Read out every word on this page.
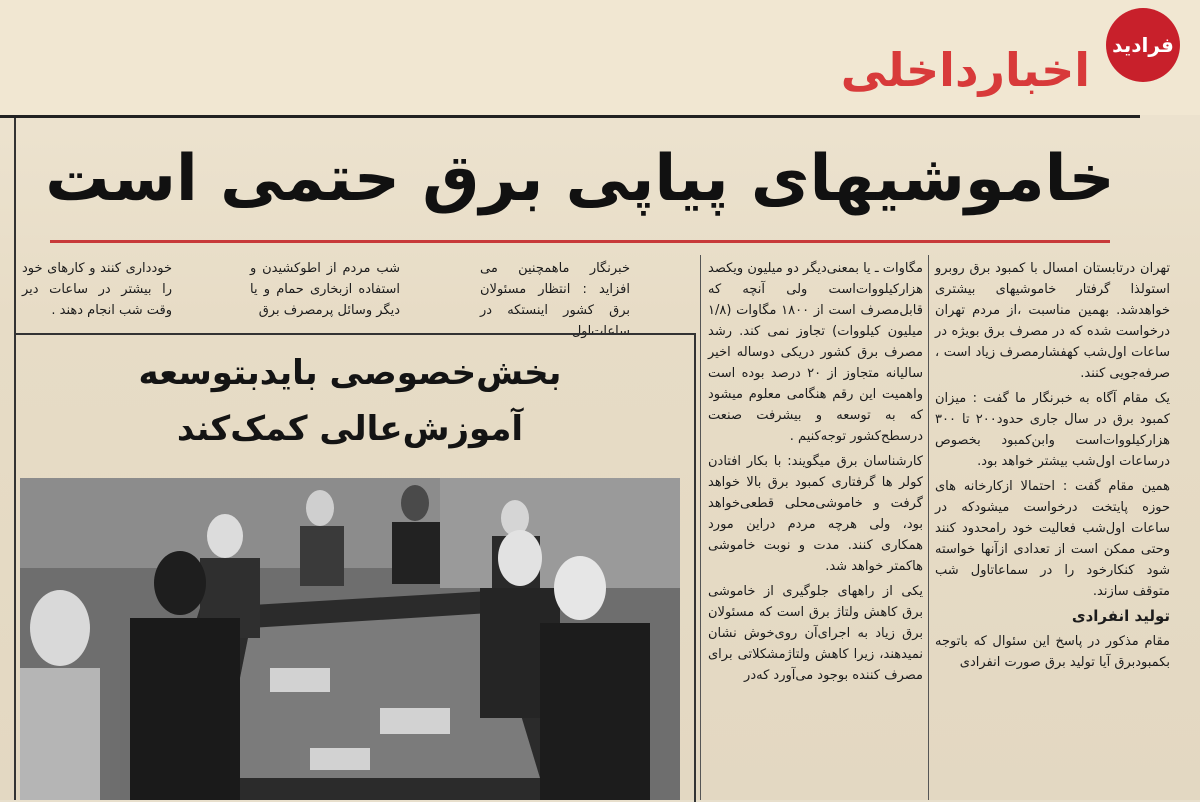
اخبارداخلی	فرادید
خاموشیهای پیاپی برق حتمی است

تهران درتابستان امسال با کمبود برق روبرو استولذا گرفتار خاموشیهای بیشتری خواهدشد. بهمین مناسبت ،از مردم تهران درخواست شده که در مصرف برق بویژه در ساعات اول‌شب کهفشارمصرف زیاد است ، صرفه‌جویی کنند.

یک مقام آگاه به خبرنگار ما گفت : میزان کمبود برق در سال جاری حدود۲۰۰ تا ۳۰۰ هزارکیلووات‌است وابن‌کمبود بخصوص درساعات اول‌شب بیشتر خواهد بود.

همین مقام گفت : احتمالا ازکارخانه های حوزه پایتخت درخواست میشودکه در ساعات اول‌شب فعالیت خود رامحدود کنند وحتی ممکن است از تعدادی ازآنها خواسته شود کنکارخود را در سماعاتاول شب متوقف سازند.

تولید انفرادی

مقام مذکور در پاسخ این سئوال که باتوجه بکمبودبرق آیا تولید برق صورت انفرادی

مگاوات ـ یا بمعنی‌دیگر دو میلیون ویکصد هزارکیلووات‌است ولی آنچه که قابل‌مصرف است از ۱۸۰۰ مگاوات (۱/۸ میلیون کیلووات) تجاوز نمی کند. رشد مصرف برق کشور دریکی دوساله اخیر سالیانه متجاوز از ۲۰ درصد بوده است واهمیت این رقم هنگامی معلوم میشود که به توسعه و بیشرفت صنعت درسطح‌کشور توجه‌کنیم .

کارشناسان برق میگویند: با بکار افتادن کولر ها گرفتاری کمبود برق بالا خواهد گرفت و خاموشی‌محلی قطعی‌خواهد بود، ولی هرچه مردم دراین مورد همکاری کنند. مدت و نوبت خاموشی هاکمتر خواهد شد.

یکی از راههای جلوگیری از خاموشی برق کاهش ولتاژ برق است که مسئولان برق زیاد به اجرای‌آن روی‌خوش نشان نمیدهند، زیرا کاهش ولتاژمشکلاتی برای مصرف کننده بوجود می‌آورد کەدر

خبرنگار ماهمچنین می افزاید : انتظار مسئولان برق کشور اینستکه در ساعات‌اول
شب مردم از اطوکشیدن و استفاده ازبخاری حمام و یا دیگر وسائل پرمصرف برق
خودداری کنند و کارهای خود را بیشتر در ساعات دیر وقت شب انجام دهند .
بخش‌خصوصی بایدبتوسعه
آموزش‌عالی کمک‌کند
